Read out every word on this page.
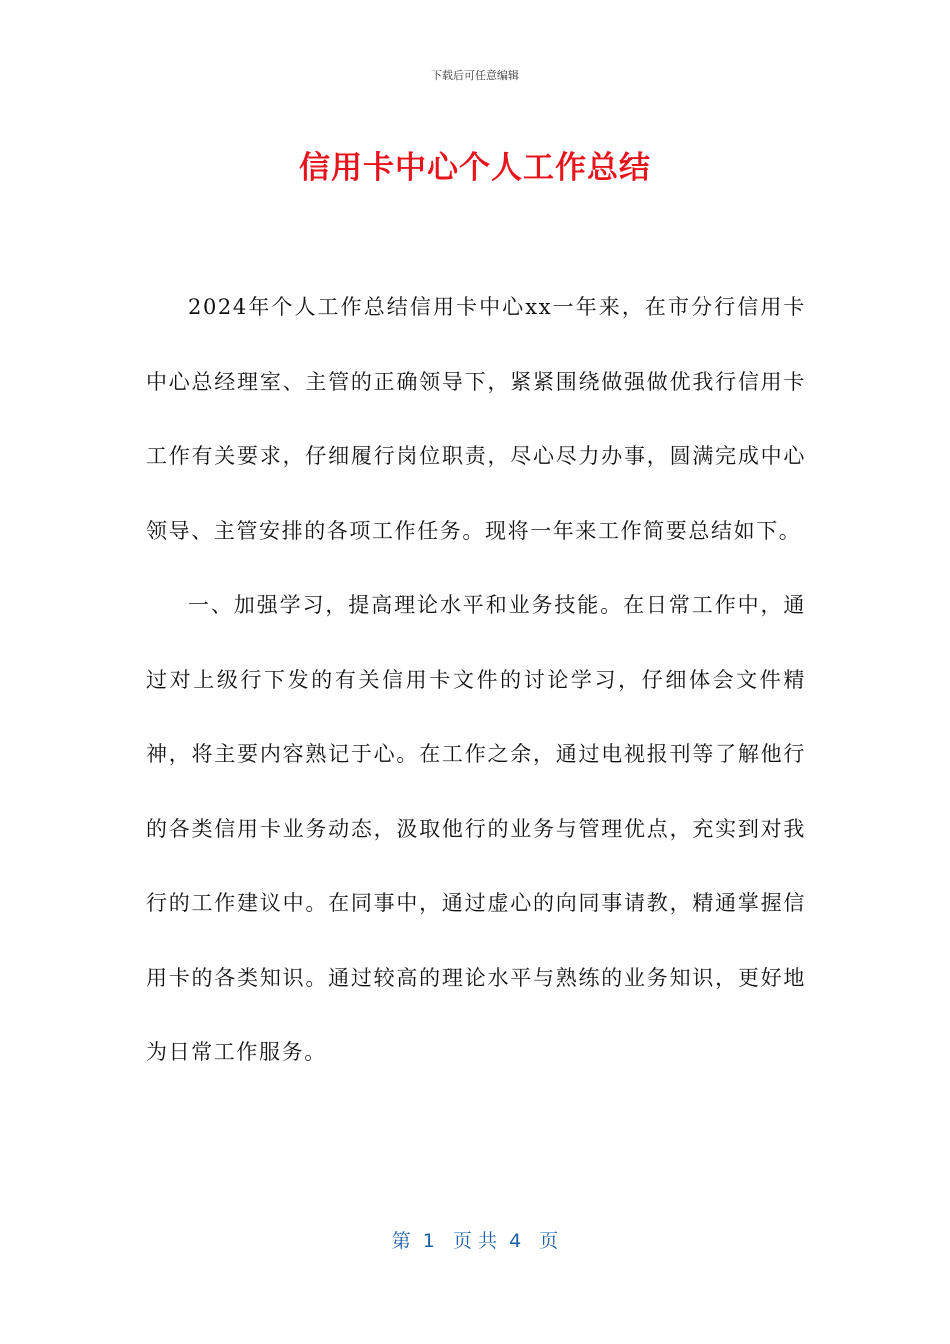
下载后可任意编辑
信用卡中心个人工作总结

2024年个人工作总结信用卡中心xx一年来，在市分行信用卡中心总经理室、主管的正确领导下，紧紧围绕做强做优我行信用卡工作有关要求，仔细履行岗位职责，尽心尽力办事，圆满完成中心领导、主管安排的各项工作任务。现将一年来工作简要总结如下。

一、加强学习，提高理论水平和业务技能。在日常工作中，通过对上级行下发的有关信用卡文件的讨论学习，仔细体会文件精神，将主要内容熟记于心。在工作之余，通过电视报刊等了解他行的各类信用卡业务动态，汲取他行的业务与管理优点，充实到对我行的工作建议中。在同事中，通过虚心的向同事请教，精通掌握信用卡的各类知识。通过较高的理论水平与熟练的业务知识，更好地为日常工作服务。

第  1   页 共  4   页
